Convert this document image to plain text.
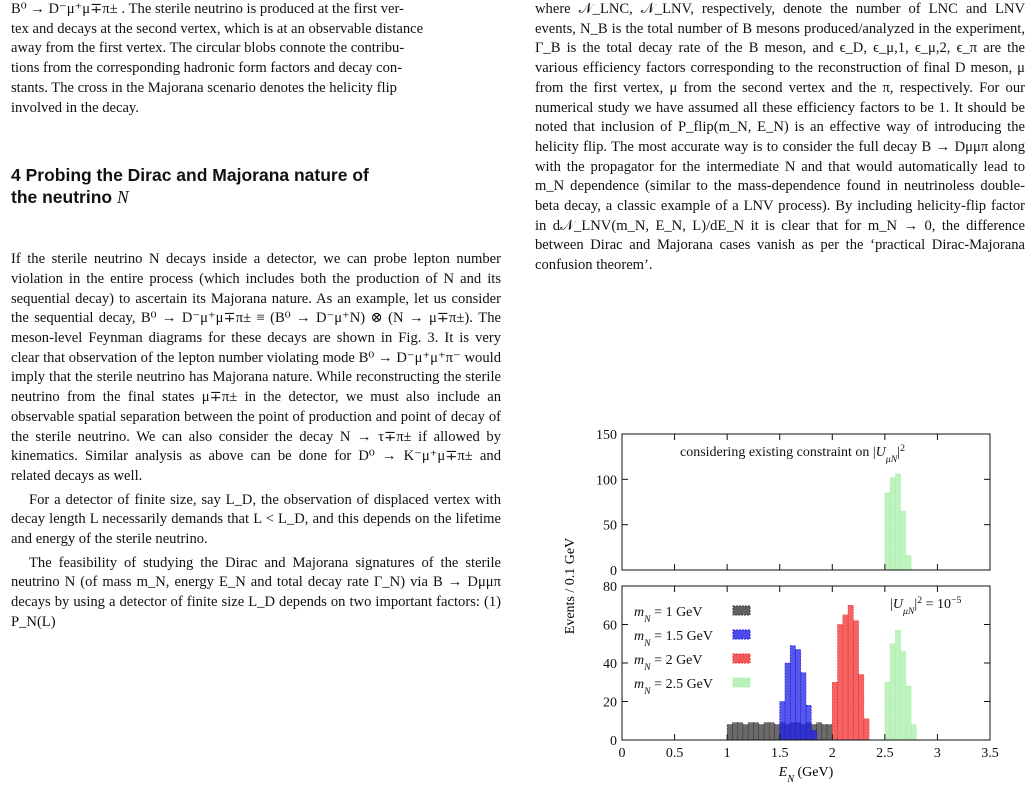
B⁰ → D⁻μ⁺μ∓π± . The sterile neutrino is produced at the first ver-

tex and decays at the second vertex, which is at an observable distance

away from the first vertex. The circular blobs connote the contribu-

tions from the corresponding hadronic form factors and decay con-

stants. The cross in the Majorana scenario denotes the helicity flip

involved in the decay.

4 Probing the Dirac and Majorana nature of
the neutrino N

If the sterile neutrino N decays inside a detector, we can probe lepton number violation in the entire process (which includes both the production of N and its sequential decay) to ascertain its Majorana nature. As an example, let us consider the sequential decay, B⁰ → D⁻μ⁺μ∓π± ≡ (B⁰ → D⁻μ⁺N) ⊗ (N → μ∓π±). The meson-level Feynman diagrams for these decays are shown in Fig. 3. It is very clear that observation of the lepton number violating mode B⁰ → D⁻μ⁺μ⁺π⁻ would imply that the sterile neutrino has Majorana nature. While reconstructing the sterile neutrino from the final states μ∓π± in the detector, we must also include an observable spatial separation between the point of production and point of decay of the sterile neutrino. We can also consider the decay N → τ∓π± if allowed by kinematics. Similar analysis as above can be done for D⁰ → K⁻μ⁺μ∓π± and related decays as well.

For a detector of finite size, say L_D, the observation of displaced vertex with decay length L necessarily demands that L < L_D, and this depends on the lifetime and energy of the sterile neutrino.

The feasibility of studying the Dirac and Majorana signatures of the sterile neutrino N (of mass m_N, energy E_N and total decay rate Γ_N) via B → Dμμπ decays by using a detector of finite size L_D depends on two important factors: (1) P_N(L)

where 𝒩_LNC, 𝒩_LNV, respectively, denote the number of LNC and LNV events, N_B is the total number of B mesons produced/analyzed in the experiment, Γ_B is the total decay rate of the B meson, and ϵ_D, ϵ_μ,1, ϵ_μ,2, ϵ_π are the various efficiency factors corresponding to the reconstruction of final D meson, μ from the first vertex, μ from the second vertex and the π, respectively. For our numerical study we have assumed all these efficiency factors to be 1. It should be noted that inclusion of P_flip(m_N, E_N) is an effective way of introducing the helicity flip. The most accurate way is to consider the full decay B → Dμμπ along with the propagator for the intermediate N and that would automatically lead to m_N dependence (similar to the mass-dependence found in neutrinoless double-beta decay, a classic example of a LNV process). By including helicity-flip factor in d𝒩_LNV(m_N, E_N, L)/dE_N it is clear that for m_N → 0, the difference between Dirac and Majorana cases vanish as per the ‘practical Dirac-Majorana confusion theorem’.

0
50
100
150
considering existing constraint on $|U_{\mu N}|^2$
0
20
40
60
80
0	0.5	1	1.5	2	2.5	3	3.5
$|U_{\mu N}|^2 = 10^{-5}$
$m_N = 1$ GeV
$m_N = 1.5$ GeV
$m_N = 2$ GeV
$m_N = 2.5$ GeV
Events / 0.1 GeV
$E_N$ (GeV)
